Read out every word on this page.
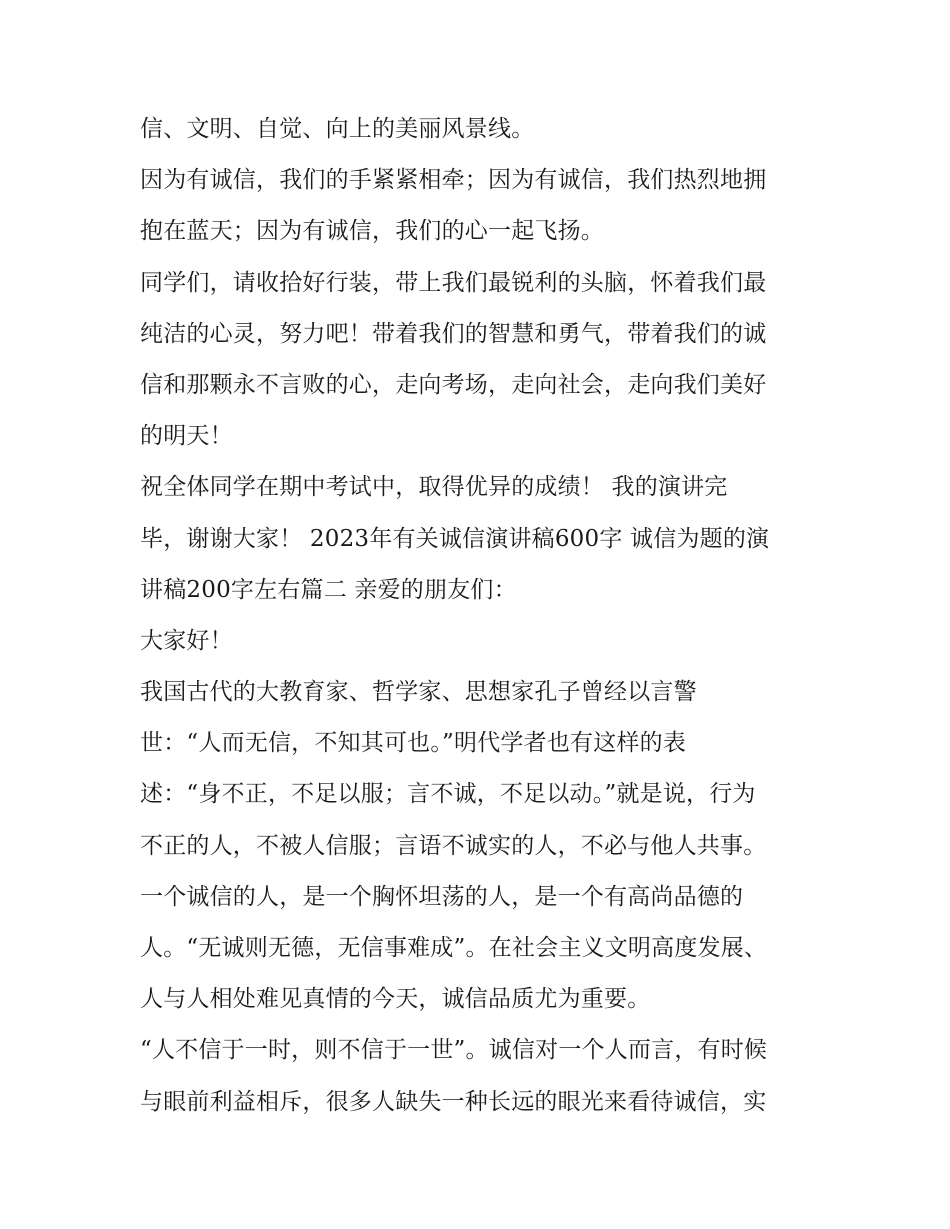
信、文明、自觉、向上的美丽风景线。
因为有诚信，我们的手紧紧相牵；因为有诚信，我们热烈地拥
抱在蓝天；因为有诚信，我们的心一起飞扬。
同学们，请收拾好行装，带上我们最锐利的头脑，怀着我们最
纯洁的心灵，努力吧！带着我们的智慧和勇气，带着我们的诚
信和那颗永不言败的心，走向考场，走向社会，走向我们美好
的明天！
祝全体同学在期中考试中，取得优异的成绩！ 我的演讲完
毕，谢谢大家！ 2023年有关诚信演讲稿600字 诚信为题的演
讲稿200字左右篇二 亲爱的朋友们：
大家好！
我国古代的大教育家、哲学家、思想家孔子曾经以言警
世：“人而无信，不知其可也。”明代学者也有这样的表
述：“身不正，不足以服；言不诚，不足以动。”就是说，行为
不正的人，不被人信服；言语不诚实的人，不必与他人共事。
一个诚信的人，是一个胸怀坦荡的人，是一个有高尚品德的
人。“无诚则无德，无信事难成”。在社会主义文明高度发展、
人与人相处难见真情的今天，诚信品质尤为重要。
“人不信于一时，则不信于一世”。诚信对一个人而言，有时候
与眼前利益相斥，很多人缺失一种长远的眼光来看待诚信，实
